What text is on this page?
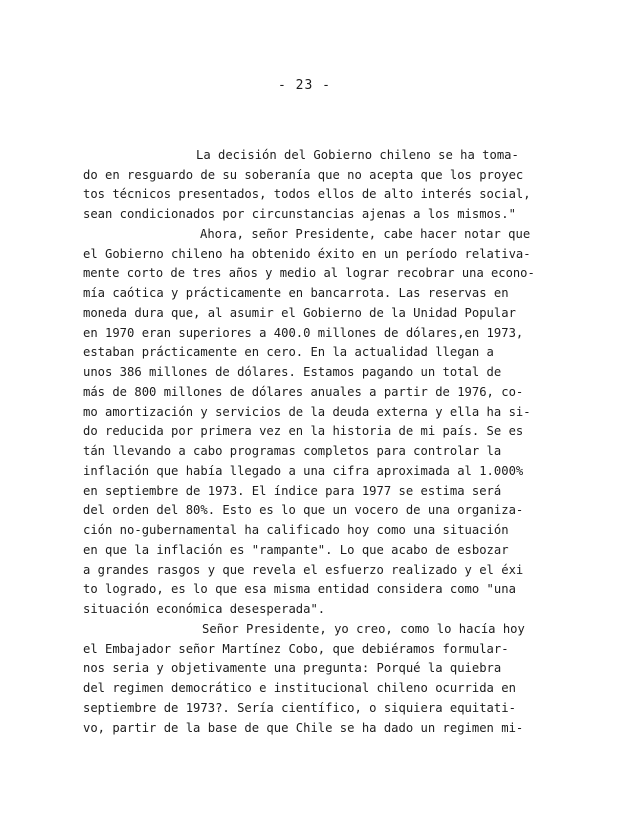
- 23 -
La decisión del Gobierno chileno se ha toma-
do en resguardo de su soberanía que no acepta que los proyec
tos técnicos presentados, todos ellos de alto interés social,
sean condicionados por circunstancias ajenas a los mismos."
Ahora, señor Presidente, cabe hacer notar que
el Gobierno chileno ha obtenido éxito en un período relativa-
mente corto de tres años y medio al lograr recobrar una econo-
mía caótica y prácticamente en bancarrota. Las reservas en
moneda dura que, al asumir el Gobierno de la Unidad Popular
en 1970 eran superiores a 400.0 millones de dólares,en 1973,
estaban prácticamente en cero. En la actualidad llegan a
unos 386 millones de dólares. Estamos pagando un total de
más de 800 millones de dólares anuales a partir de 1976, co-
mo amortización y servicios de la deuda externa y ella ha si-
do reducida por primera vez en la historia de mi país. Se es
tán llevando a cabo programas completos para controlar la
inflación que había llegado a una cifra aproximada al 1.000%
en septiembre de 1973. El índice para 1977 se estima será
del orden del 80%. Esto es lo que un vocero de una organiza-
ción no-gubernamental ha calificado hoy como una situación
en que la inflación es "rampante". Lo que acabo de esbozar
a grandes rasgos y que revela el esfuerzo realizado y el éxi
to logrado, es lo que esa misma entidad considera como "una
situación económica desesperada".
Señor Presidente, yo creo, como lo hacía hoy
el Embajador señor Martínez Cobo, que debiéramos formular-
nos seria y objetivamente una pregunta: Porqué la quiebra
del regimen democrático e institucional chileno ocurrida en
septiembre de 1973?. Sería científico, o siquiera equitati-
vo, partir de la base de que Chile se ha dado un regimen mi-
